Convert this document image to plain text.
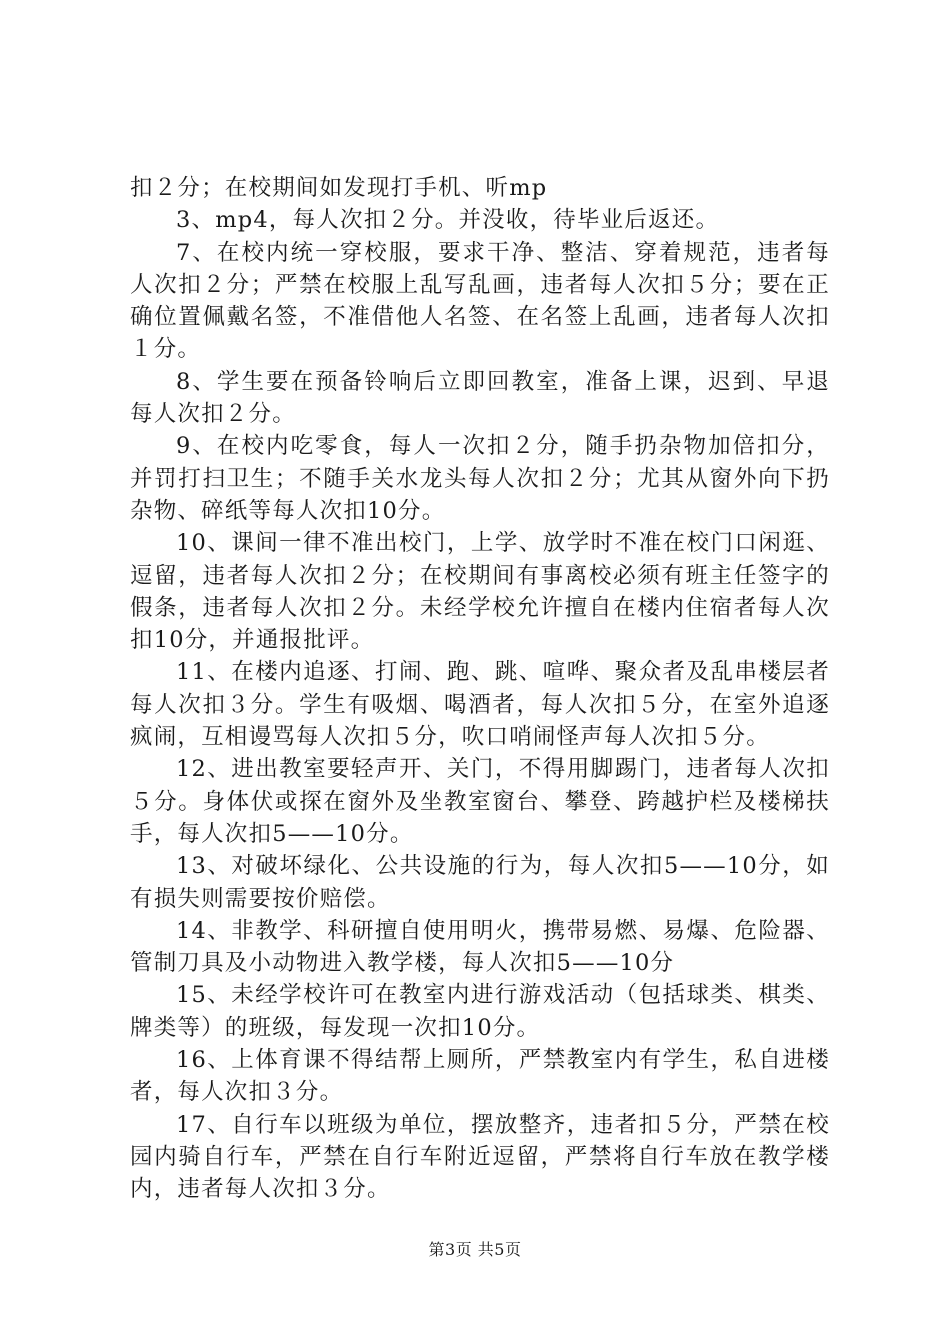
扣２分；在校期间如发现打手机、听mp

3、mp4，每人次扣２分。并没收，待毕业后返还。

7、在校内统一穿校服，要求干净、整洁、穿着规范，违者每人次扣２分；严禁在校服上乱写乱画，违者每人次扣５分；要在正确位置佩戴名签，不准借他人名签、在名签上乱画，违者每人次扣１分。

8、学生要在预备铃响后立即回教室，准备上课，迟到、早退每人次扣２分。

9、在校内吃零食，每人一次扣２分，随手扔杂物加倍扣分，并罚打扫卫生；不随手关水龙头每人次扣２分；尤其从窗外向下扔杂物、碎纸等每人次扣10分。

10、课间一律不准出校门，上学、放学时不准在校门口闲逛、逗留，违者每人次扣２分；在校期间有事离校必须有班主任签字的假条，违者每人次扣２分。未经学校允许擅自在楼内住宿者每人次扣10分，并通报批评。

11、在楼内追逐、打闹、跑、跳、喧哗、聚众者及乱串楼层者每人次扣３分。学生有吸烟、喝酒者，每人次扣５分，在室外追逐疯闹，互相谩骂每人次扣５分，吹口哨闹怪声每人次扣５分。

12、进出教室要轻声开、关门，不得用脚踢门，违者每人次扣５分。身体伏或探在窗外及坐教室窗台、攀登、跨越护栏及楼梯扶手，每人次扣5——10分。

13、对破坏绿化、公共设施的行为，每人次扣5——10分，如有损失则需要按价赔偿。

14、非教学、科研擅自使用明火，携带易燃、易爆、危险器、管制刀具及小动物进入教学楼，每人次扣5——10分

15、未经学校许可在教室内进行游戏活动（包括球类、棋类、牌类等）的班级，每发现一次扣10分。

16、上体育课不得结帮上厕所，严禁教室内有学生，私自进楼者，每人次扣３分。

17、自行车以班级为单位，摆放整齐，违者扣５分，严禁在校园内骑自行车，严禁在自行车附近逗留，严禁将自行车放在教学楼内，违者每人次扣３分。

第3页 共5页
